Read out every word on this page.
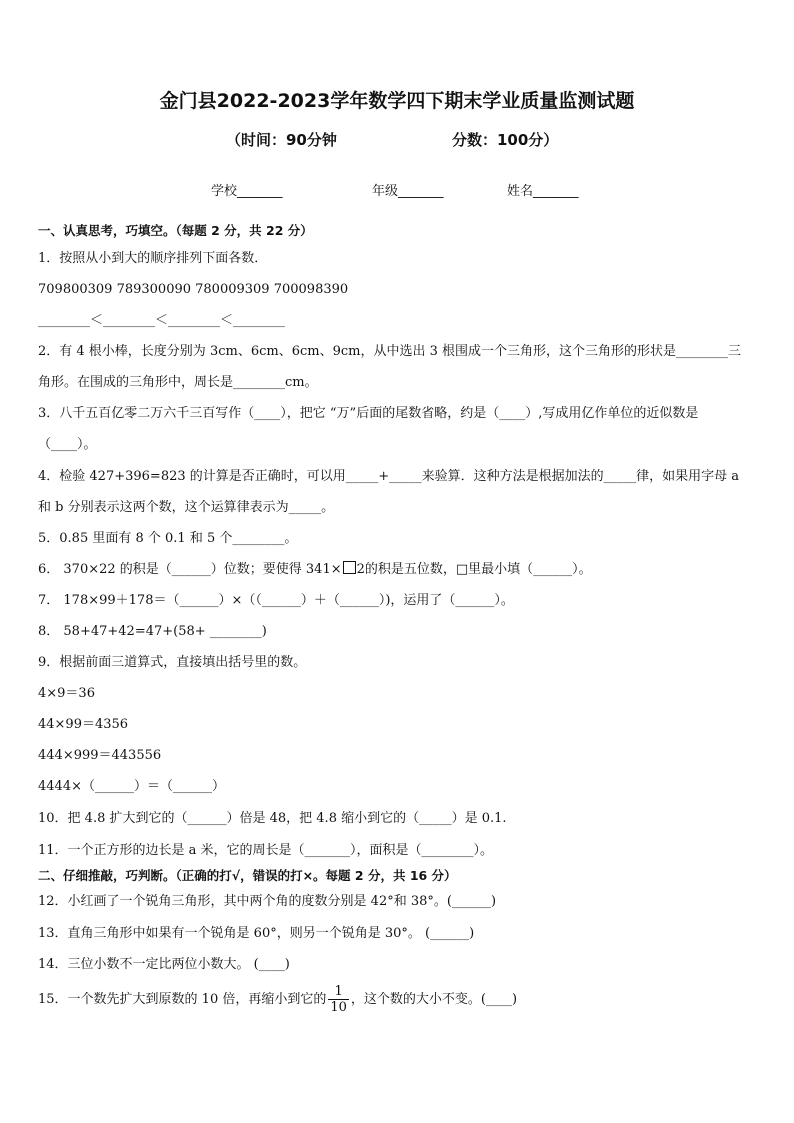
金门县2022-2023学年数学四下期末学业质量监测试题
（时间：90分钟	分数：100分）
学校_______	年级_______	姓名_______
一、认真思考，巧填空。（每题 2 分，共 22 分）
1．按照从小到大的顺序排列下面各数．
709800309 789300090 780009309 700098390
________＜________＜________＜________
2．有 4 根小棒，长度分别为 3cm、6cm、6cm、9cm，从中选出 3 根围成一个三角形，这个三角形的形状是________三
角形。在围成的三角形中，周长是________cm。
3．八千五百亿零二万六千三百写作（____），把它 “万”后面的尾数省略，约是（____）,写成用亿作单位的近似数是
（____）。
4．检验 427+396=823 的计算是否正确时，可以用_____+_____来验算．这种方法是根据加法的_____律，如果用字母 a
和 b 分别表示这两个数，这个运算律表示为_____。
5．0.85 里面有 8 个 0.1 和 5 个________。
6． 370×22 的积是（______）位数；要使得 341× 2的积是五位数，□里最小填（______）。
7． 178×99＋178＝（______）×（（______）＋（______）)，运用了（______）。
8． 58+47+42=47+(58+ ________)
9．根据前面三道算式，直接填出括号里的数。
4×9＝36
44×99＝4356
444×999＝443556
4444×（______）＝（______）
10．把 4.8 扩大到它的（______）倍是 48，把 4.8 缩小到它的（_____）是 0.1.
11．一个正方形的边长是 a 米，它的周长是（_______），面积是（________）。
二、仔细推敲，巧判断。（正确的打√，错误的打×。每题 2 分，共 16 分）
12．小红画了一个锐角三角形，其中两个角的度数分别是 42°和 38°。(______)
13．直角三角形中如果有一个锐角是 60°，则另一个锐角是 30°。 (______)
14．三位小数不一定比两位小数大。 (____)
15．一个数先扩大到原数的 10 倍，再缩小到它的 $\frac{1}{10}$ ，这个数的大小不变。(____)
